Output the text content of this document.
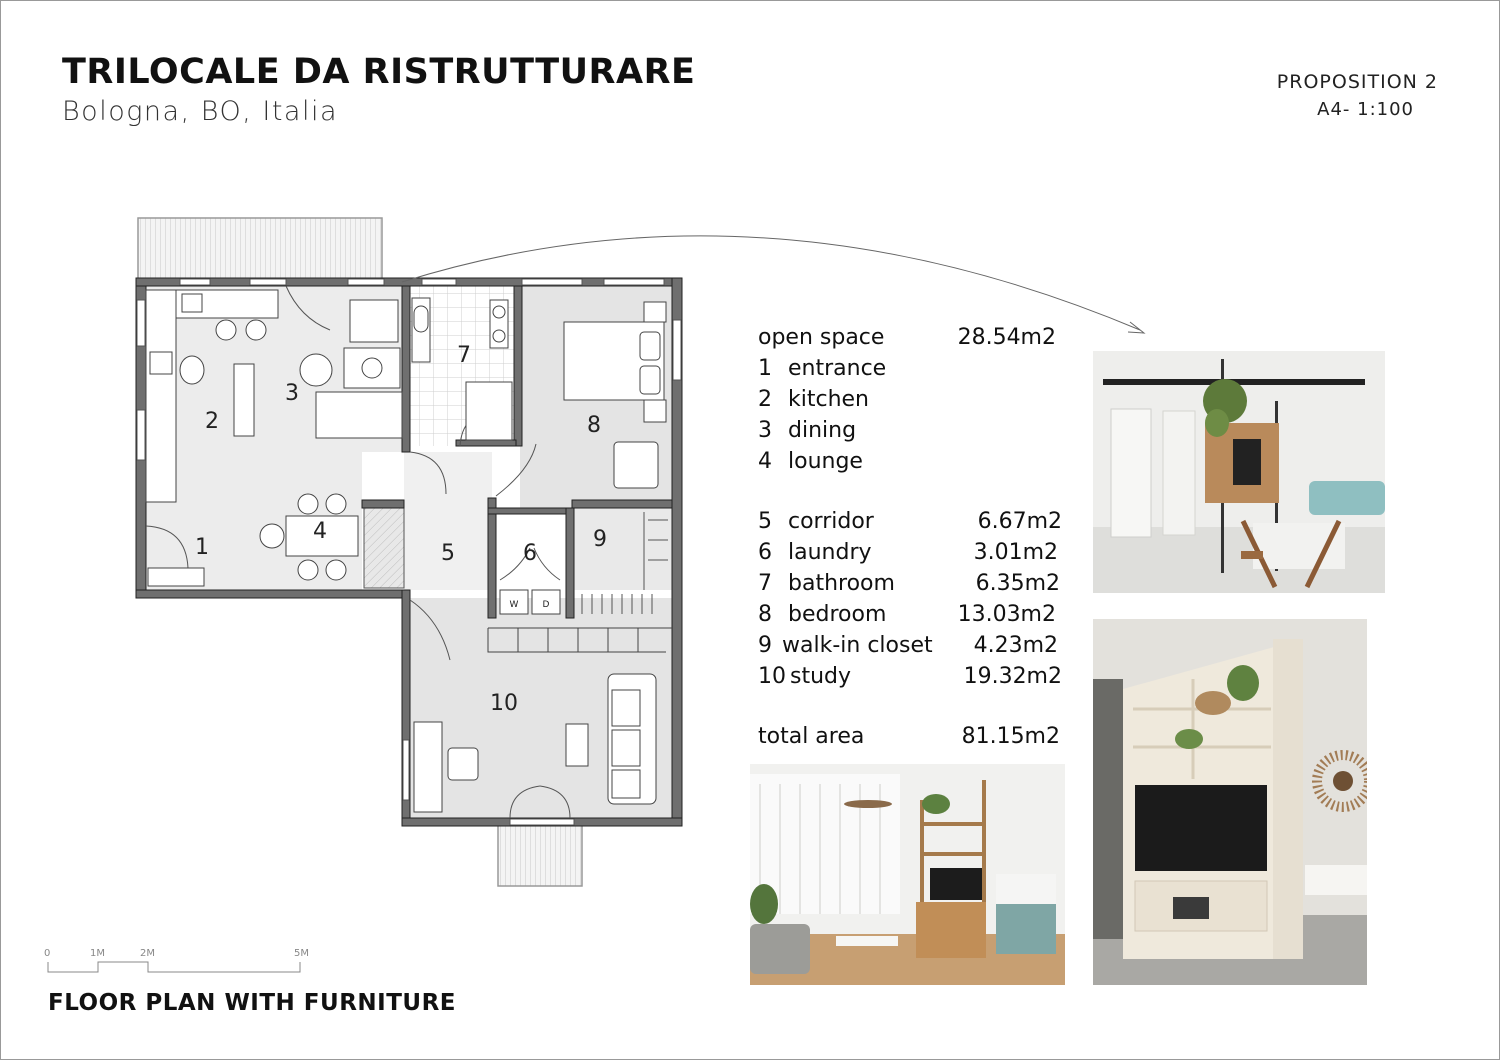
TRILOCALE DA RISTRUTTURARE
Bologna, BO, Italia
PROPOSITION 2

A4- 1:100
W	D
1
2
3
4
5	6
7
8
9
10
0	1M	2M	5M
FLOOR PLAN WITH FURNITURE
open space	28.54m2
1 entrance
2 kitchen
3 dining
4 lounge
5 corridor	6.67m2
6 laundry	3.01m2
7 bathroom	6.35m2
8 bedroom	13.03m2
9 walk-in closet 4.23m2
10 study	19.32m2
total area	81.15m2
